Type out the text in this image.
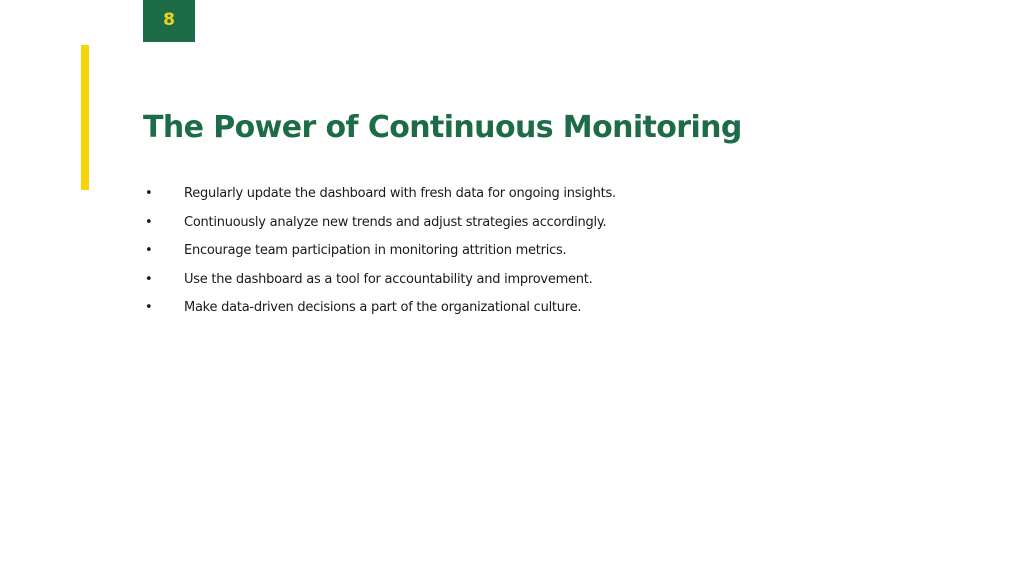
8
The Power of Continuous Monitoring
• Regularly update the dashboard with fresh data for ongoing insights.
• Continuously analyze new trends and adjust strategies accordingly.
• Encourage team participation in monitoring attrition metrics.
• Use the dashboard as a tool for accountability and improvement.
• Make data-driven decisions a part of the organizational culture.
